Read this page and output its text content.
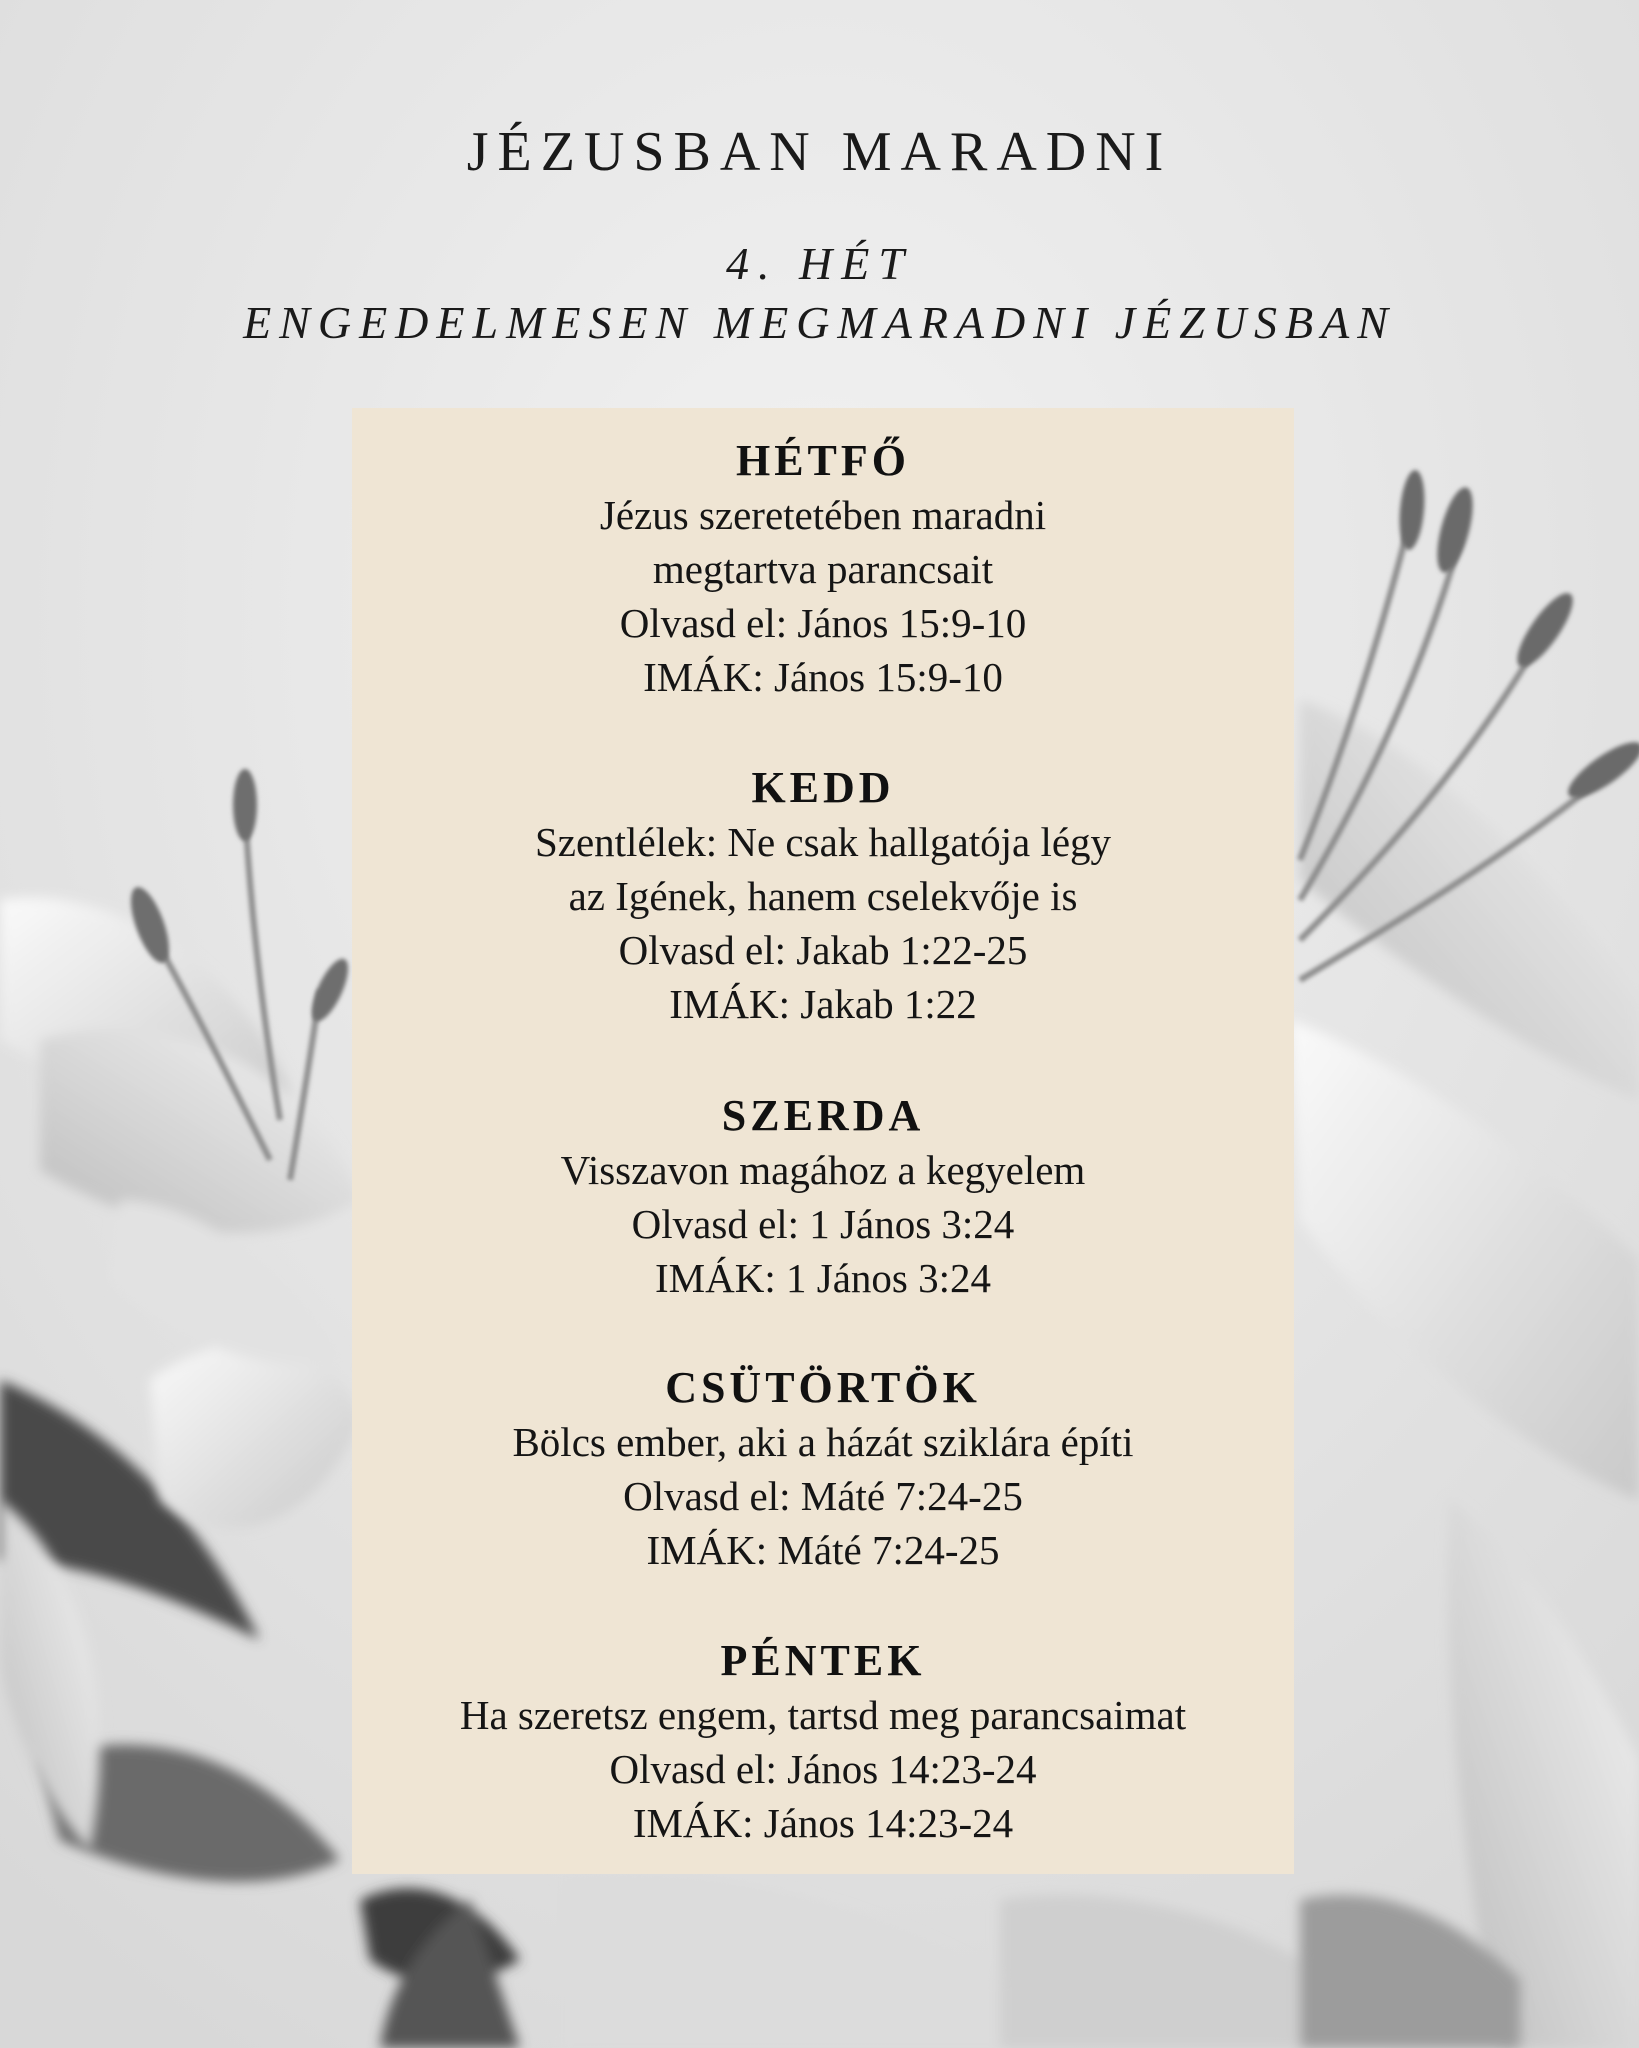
JÉZUSBAN MARADNI
4. HÉT
ENGEDELMESEN MEGMARADNI JÉZUSBAN
HÉTFŐ
Jézus szeretetében maradni
megtartva parancsait
Olvasd el: János 15:9-10
IMÁK: János 15:9-10
KEDD
Szentlélek: Ne csak hallgatója légy
az Igének, hanem cselekvője is
Olvasd el: Jakab 1:22-25
IMÁK: Jakab 1:22
SZERDA
Visszavon magához a kegyelem
Olvasd el: 1 János 3:24
IMÁK: 1 János 3:24
CSÜTÖRTÖK
Bölcs ember, aki a házát sziklára építi
Olvasd el: Máté 7:24-25
IMÁK: Máté 7:24-25
PÉNTEK
Ha szeretsz engem, tartsd meg parancsaimat
Olvasd el: János 14:23-24
IMÁK: János 14:23-24
